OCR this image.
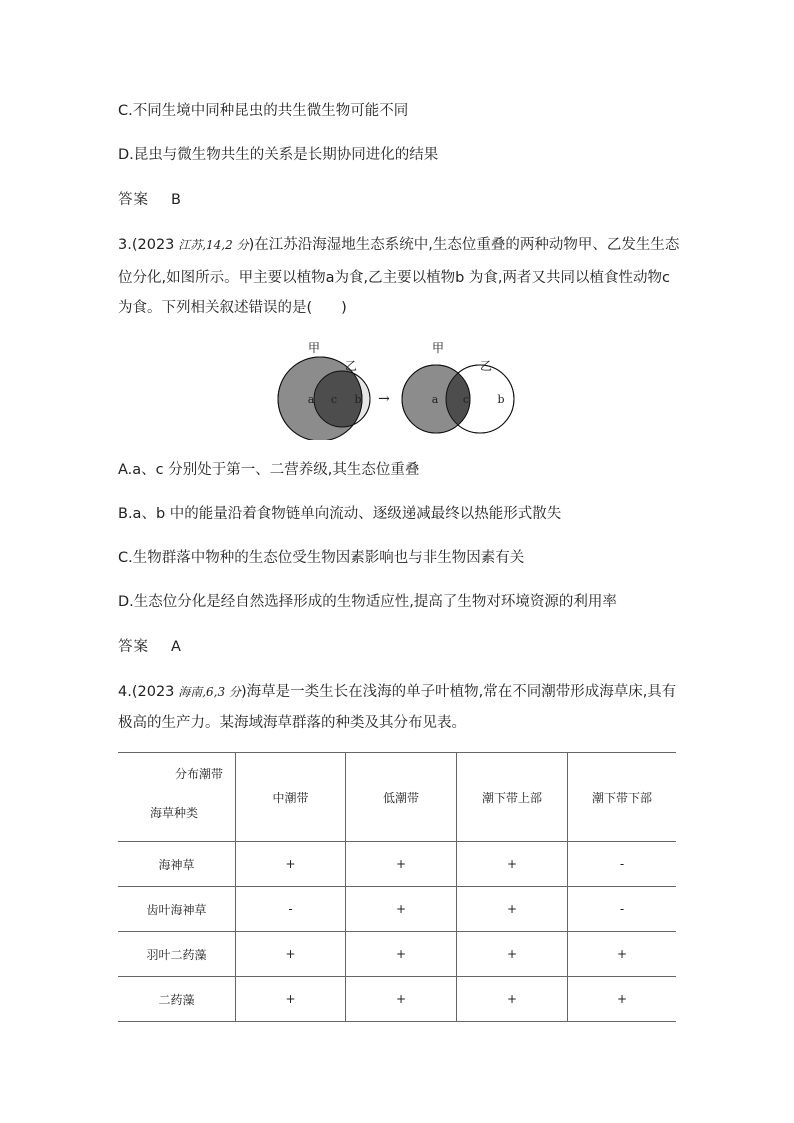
C.不同生境中同种昆虫的共生微生物可能不同
D.昆虫与微生物共生的关系是长期协同进化的结果
答案 B
3.(2023 江苏,14,2 分)在江苏沿海湿地生态系统中,生态位重叠的两种动物甲、乙发生生态
位分化,如图所示。甲主要以植物a为食,乙主要以植物b 为食,两者又共同以植食性动物c
为食。下列相关叙述错误的是(　　)
甲
乙
a c b →
甲
乙
a c	b
A.a、c 分别处于第一、二营养级,其生态位重叠
B.a、b 中的能量沿着食物链单向流动、逐级递减最终以热能形式散失
C.生物群落中物种的生态位受生物因素影响也与非生物因素有关
D.生态位分化是经自然选择形成的生物适应性,提高了生物对环境资源的利用率
答案 A
4.(2023 海南,6,3 分)海草是一类生长在浅海的单子叶植物,常在不同潮带形成海草床,具有
极高的生产力。某海域海草群落的种类及其分布见表。
分布潮带
海草种类	中潮带	低潮带	潮下带上部	潮下带下部
海神草	+	+	+	-
齿叶海神草	-	+	+	-
羽叶二药藻	+	+	+	+
二药藻	+	+	+	+
